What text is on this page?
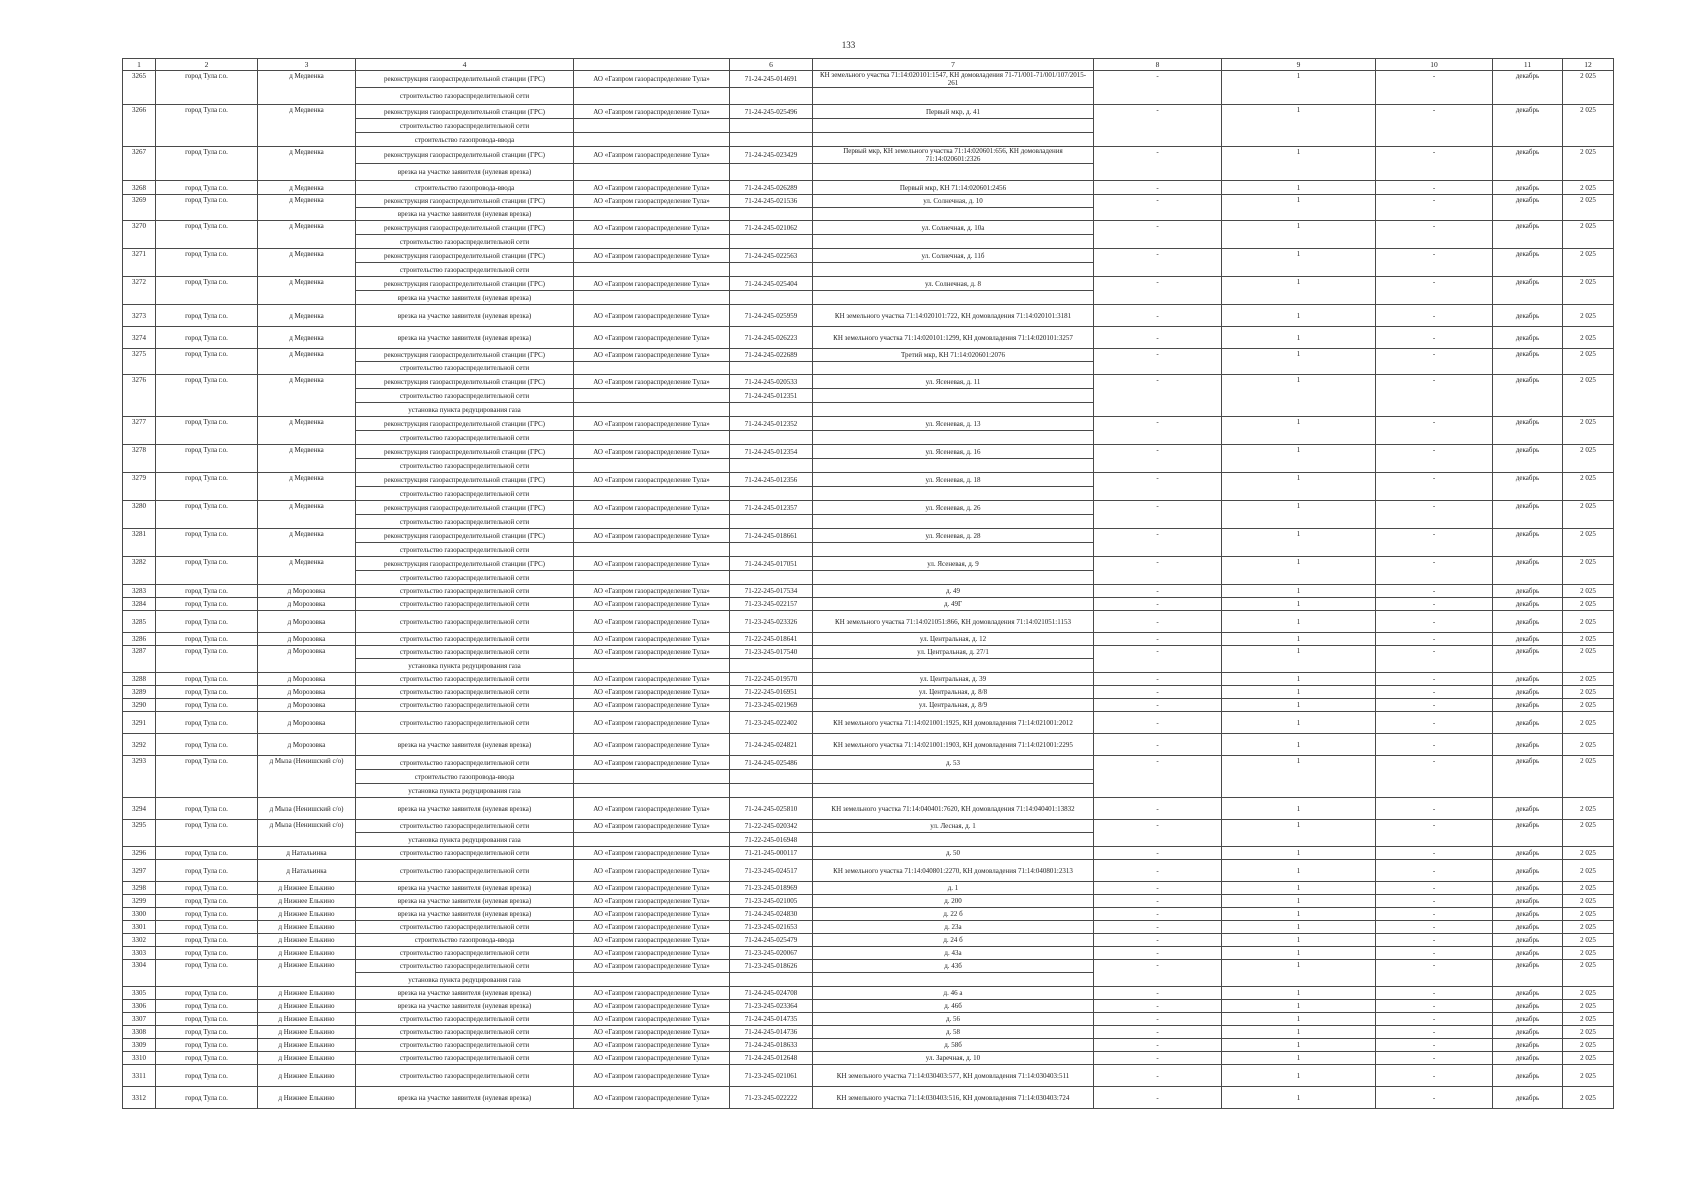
133
1	2	3	4		6	7	8	9	10	11	12
3265	город Тула г.о.	д Медвенка	реконструкция газораспределительной станции (ГРС)	АО «Газпром газораспределение Тула»	71-24-245-014691	КН земельного участка 71:14:020101:1547, КН домовладения 71-71/001-71/001/107/2015-261	-	1	-	декабрь	2 025
			строительство газораспределительной сети								
3266	город Тула г.о.	д Медвенка	реконструкция газораспределительной станции (ГРС)	АО «Газпром газораспределение Тула»	71-24-245-025496	Первый мкр, д. 41	-	1	-	декабрь	2 025
			строительство газораспределительной сети								
			строительство газопровода-ввода								
3267	город Тула г.о.	д Медвенка	реконструкция газораспределительной станции (ГРС)	АО «Газпром газораспределение Тула»	71-24-245-023429	Первый мкр, КН земельного участка 71:14:020601:656, КН домовладения 71:14:020601:2326	-	1	-	декабрь	2 025
			врезка на участке заявителя (нулевая врезка)								
3268	город Тула г.о.	д Медвенка	строительство газопровода-ввода	АО «Газпром газораспределение Тула»	71-24-245-026289	Первый мкр, КН 71:14:020601:2456	-	1	-	декабрь	2 025
3269	город Тула г.о.	д Медвенка	реконструкция газораспределительной станции (ГРС)	АО «Газпром газораспределение Тула»	71-24-245-021536	ул. Солнечная, д. 10	-	1	-	декабрь	2 025
			врезка на участке заявителя (нулевая врезка)								
3270	город Тула г.о.	д Медвенка	реконструкция газораспределительной станции (ГРС)	АО «Газпром газораспределение Тула»	71-24-245-021062	ул. Солнечная, д. 10а	-	1	-	декабрь	2 025
			строительство газораспределительной сети								
3271	город Тула г.о.	д Медвенка	реконструкция газораспределительной станции (ГРС)	АО «Газпром газораспределение Тула»	71-24-245-022563	ул. Солнечная, д. 11б	-	1	-	декабрь	2 025
			строительство газораспределительной сети								
3272	город Тула г.о.	д Медвенка	реконструкция газораспределительной станции (ГРС)	АО «Газпром газораспределение Тула»	71-24-245-025404	ул. Солнечная, д. 8	-	1	-	декабрь	2 025
			врезка на участке заявителя (нулевая врезка)								
3273	город Тула г.о.	д Медвенка	врезка на участке заявителя (нулевая врезка)	АО «Газпром газораспределение Тула»	71-24-245-025959	КН земельного участка 71:14:020101:722, КН домовладения 71:14:020101:3181	-	1	-	декабрь	2 025
3274	город Тула г.о.	д Медвенка	врезка на участке заявителя (нулевая врезка)	АО «Газпром газораспределение Тула»	71-24-245-026223	КН земельного участка 71:14:020101:1299, КН домовладения 71:14:020101:3257	-	1	-	декабрь	2 025
3275	город Тула г.о.	д Медвенка	реконструкция газораспределительной станции (ГРС)	АО «Газпром газораспределение Тула»	71-24-245-022689	Третий мкр, КН 71:14:020601:2076	-	1	-	декабрь	2 025
			строительство газораспределительной сети								
3276	город Тула г.о.	д Медвенка	реконструкция газораспределительной станции (ГРС)	АО «Газпром газораспределение Тула»	71-24-245-020533	ул. Ясеневая, д. 11	-	1	-	декабрь	2 025
			строительство газораспределительной сети		71-24-245-012351						
			установка пункта редуцирования газа								
3277	город Тула г.о.	д Медвенка	реконструкция газораспределительной станции (ГРС)	АО «Газпром газораспределение Тула»	71-24-245-012352	ул. Ясеневая, д. 13	-	1	-	декабрь	2 025
			строительство газораспределительной сети								
3278	город Тула г.о.	д Медвенка	реконструкция газораспределительной станции (ГРС)	АО «Газпром газораспределение Тула»	71-24-245-012354	ул. Ясеневая, д. 16	-	1	-	декабрь	2 025
			строительство газораспределительной сети								
3279	город Тула г.о.	д Медвенка	реконструкция газораспределительной станции (ГРС)	АО «Газпром газораспределение Тула»	71-24-245-012356	ул. Ясеневая, д. 18	-	1	-	декабрь	2 025
			строительство газораспределительной сети								
3280	город Тула г.о.	д Медвенка	реконструкция газораспределительной станции (ГРС)	АО «Газпром газораспределение Тула»	71-24-245-012357	ул. Ясеневая, д. 26	-	1	-	декабрь	2 025
			строительство газораспределительной сети								
3281	город Тула г.о.	д Медвенка	реконструкция газораспределительной станции (ГРС)	АО «Газпром газораспределение Тула»	71-24-245-018661	ул. Ясеневая, д. 28	-	1	-	декабрь	2 025
			строительство газораспределительной сети								
3282	город Тула г.о.	д Медвенка	реконструкция газораспределительной станции (ГРС)	АО «Газпром газораспределение Тула»	71-24-245-017051	ул. Ясеневая, д. 9	-	1	-	декабрь	2 025
			строительство газораспределительной сети								
3283	город Тула г.о.	д Морозовка	строительство газораспределительной сети	АО «Газпром газораспределение Тула»	71-22-245-017534	д. 49	-	1	-	декабрь	2 025
3284	город Тула г.о.	д Морозовка	строительство газораспределительной сети	АО «Газпром газораспределение Тула»	71-23-245-022157	д. 49Г	-	1	-	декабрь	2 025
3285	город Тула г.о.	д Морозовка	строительство газораспределительной сети	АО «Газпром газораспределение Тула»	71-23-245-023326	КН земельного участка 71:14:021051:866, КН домовладения 71:14:021051:1153	-	1	-	декабрь	2 025
3286	город Тула г.о.	д Морозовка	строительство газораспределительной сети	АО «Газпром газораспределение Тула»	71-22-245-018641	ул. Центральная, д. 12	-	1	-	декабрь	2 025
3287	город Тула г.о.	д Морозовка	строительство газораспределительной сети	АО «Газпром газораспределение Тула»	71-23-245-017540	ул. Центральная, д. 27/1	-	1	-	декабрь	2 025
			установка пункта редуцирования газа								
3288	город Тула г.о.	д Морозовка	строительство газораспределительной сети	АО «Газпром газораспределение Тула»	71-22-245-019570	ул. Центральная, д. 39	-	1	-	декабрь	2 025
3289	город Тула г.о.	д Морозовка	строительство газораспределительной сети	АО «Газпром газораспределение Тула»	71-22-245-016951	ул. Центральная, д. 8/8	-	1	-	декабрь	2 025
3290	город Тула г.о.	д Морозовка	строительство газораспределительной сети	АО «Газпром газораспределение Тула»	71-23-245-021969	ул. Центральная, д. 8/9	-	1	-	декабрь	2 025
3291	город Тула г.о.	д Морозовка	строительство газораспределительной сети	АО «Газпром газораспределение Тула»	71-23-245-022402	КН земельного участка 71:14:021001:1925, КН домовладения 71:14:021001:2012	-	1	-	декабрь	2 025
3292	город Тула г.о.	д Морозовка	врезка на участке заявителя (нулевая врезка)	АО «Газпром газораспределение Тула»	71-24-245-024821	КН земельного участка 71:14:021001:1903, КН домовладения 71:14:021001:2295	-	1	-	декабрь	2 025
3293	город Тула г.о.	д Мыза (Ненишский с/о)	строительство газораспределительной сети	АО «Газпром газораспределение Тула»	71-24-245-025486	д. 53	-	1	-	декабрь	2 025
			строительство газопровода-ввода								
			установка пункта редуцирования газа								
3294	город Тула г.о.	д Мыза (Ненишский с/о)	врезка на участке заявителя (нулевая врезка)	АО «Газпром газораспределение Тула»	71-24-245-025810	КН земельного участка 71:14:040401:7620, КН домовладения 71:14:040401:13832	-	1	-	декабрь	2 025
3295	город Тула г.о.	д Мыза (Ненишский с/о)	строительство газораспределительной сети	АО «Газпром газораспределение Тула»	71-22-245-020342	ул. Лесная, д. 1	-	1	-	декабрь	2 025
			установка пункта редуцирования газа		71-22-245-016948						
3296	город Тула г.о.	д Натальинка	строительство газораспределительной сети	АО «Газпром газораспределение Тула»	71-21-245-000117	д. 50	-	1	-	декабрь	2 025
3297	город Тула г.о.	д Натальинка	строительство газораспределительной сети	АО «Газпром газораспределение Тула»	71-23-245-024517	КН земельного участка 71:14:040801:2270, КН домовладения 71:14:040801:2313	-	1	-	декабрь	2 025
3298	город Тула г.о.	д Нижнее Елькино	врезка на участке заявителя (нулевая врезка)	АО «Газпром газораспределение Тула»	71-23-245-018969	д. 1	-	1	-	декабрь	2 025
3299	город Тула г.о.	д Нижнее Елькино	врезка на участке заявителя (нулевая врезка)	АО «Газпром газораспределение Тула»	71-23-245-021005	д. 200	-	1	-	декабрь	2 025
3300	город Тула г.о.	д Нижнее Елькино	врезка на участке заявителя (нулевая врезка)	АО «Газпром газораспределение Тула»	71-24-245-024830	д. 22 б	-	1	-	декабрь	2 025
3301	город Тула г.о.	д Нижнее Елькино	строительство газораспределительной сети	АО «Газпром газораспределение Тула»	71-23-245-021653	д. 23а	-	1	-	декабрь	2 025
3302	город Тула г.о.	д Нижнее Елькино	строительство газопровода-ввода	АО «Газпром газораспределение Тула»	71-24-245-025479	д. 24 б	-	1	-	декабрь	2 025
3303	город Тула г.о.	д Нижнее Елькино	строительство газораспределительной сети	АО «Газпром газораспределение Тула»	71-23-245-020067	д. 43а	-	1	-	декабрь	2 025
3304	город Тула г.о.	д Нижнее Елькино	строительство газораспределительной сети	АО «Газпром газораспределение Тула»	71-23-245-018626	д. 43б	-	1	-	декабрь	2 025
			установка пункта редуцирования газа								
3305	город Тула г.о.	д Нижнее Елькино	врезка на участке заявителя (нулевая врезка)	АО «Газпром газораспределение Тула»	71-24-245-024708	д. 46 а	-	1	-	декабрь	2 025
3306	город Тула г.о.	д Нижнее Елькино	врезка на участке заявителя (нулевая врезка)	АО «Газпром газораспределение Тула»	71-23-245-023364	д. 46б	-	1	-	декабрь	2 025
3307	город Тула г.о.	д Нижнее Елькино	строительство газораспределительной сети	АО «Газпром газораспределение Тула»	71-24-245-014735	д. 56	-	1	-	декабрь	2 025
3308	город Тула г.о.	д Нижнее Елькино	строительство газораспределительной сети	АО «Газпром газораспределение Тула»	71-24-245-014736	д. 58	-	1	-	декабрь	2 025
3309	город Тула г.о.	д Нижнее Елькино	строительство газораспределительной сети	АО «Газпром газораспределение Тула»	71-24-245-018633	д. 58б	-	1	-	декабрь	2 025
3310	город Тула г.о.	д Нижнее Елькино	строительство газораспределительной сети	АО «Газпром газораспределение Тула»	71-24-245-012648	ул. Заречная, д. 10	-	1	-	декабрь	2 025
3311	город Тула г.о.	д Нижнее Елькино	строительство газораспределительной сети	АО «Газпром газораспределение Тула»	71-23-245-021061	КН земельного участка 71:14:030403:577, КН домовладения 71:14:030403:511	-	1	-	декабрь	2 025
3312	город Тула г.о.	д Нижнее Елькино	врезка на участке заявителя (нулевая врезка)	АО «Газпром газораспределение Тула»	71-23-245-022222	КН земельного участка 71:14:030403:516, КН домовладения 71:14:030403:724	-	1	-	декабрь	2 025
